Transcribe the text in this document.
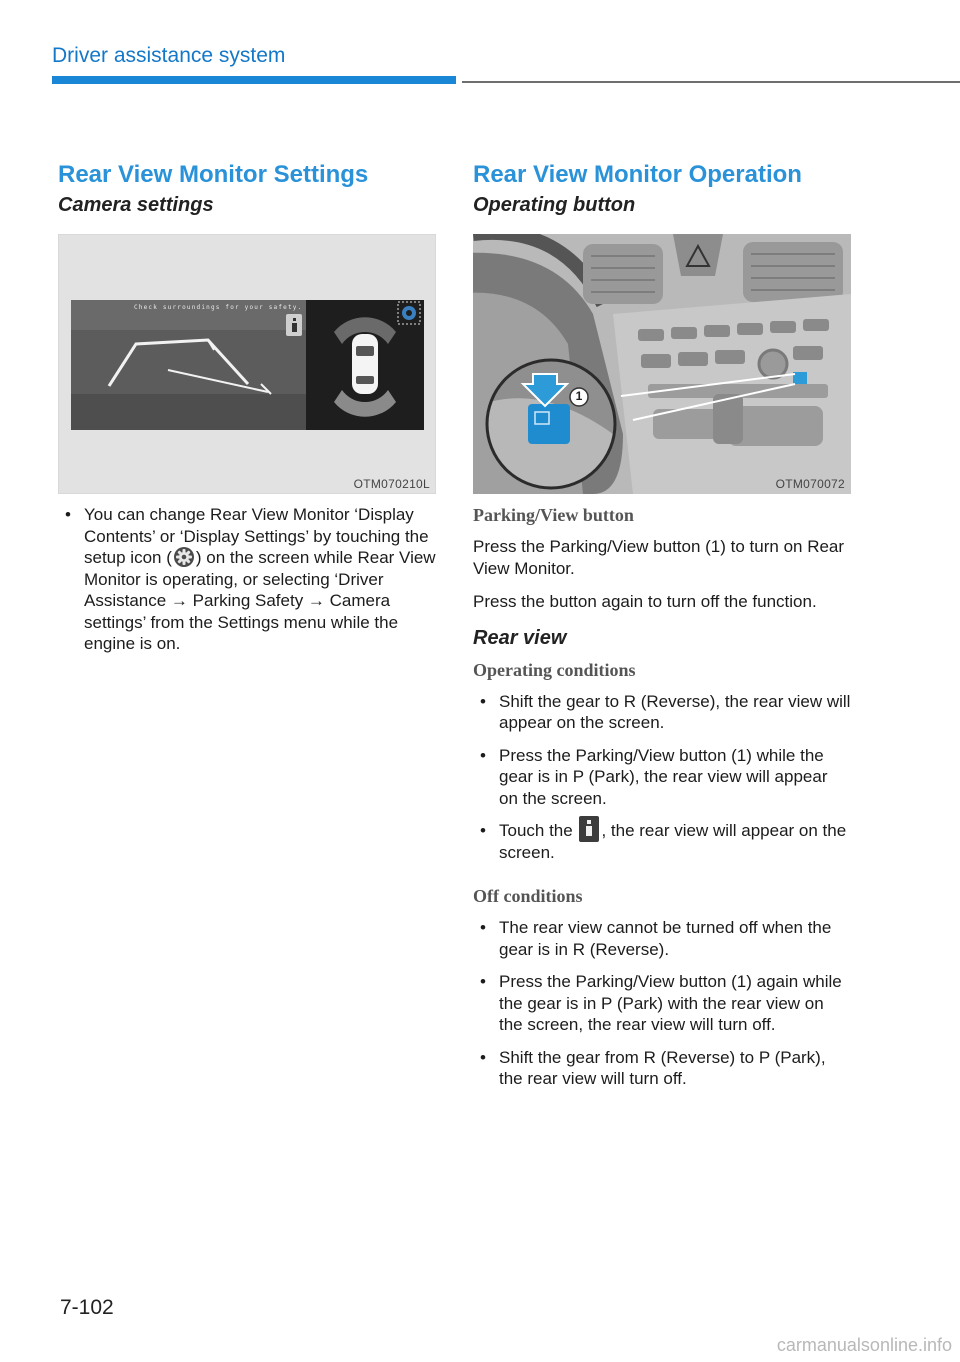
Driver assistance system
Rear View Monitor Settings
Camera settings
Check surroundings for your safety.
OTM070210L
• You can change Rear View Monitor ‘Display Contents’ or ‘Display Settings’ by touching the setup icon ( ) on the screen while Rear View Monitor is operating, or selecting ‘Driver Assistance → Parking Safety → Camera settings’ from the Settings menu while the engine is on.
Rear View Monitor Operation
Operating button
1
OTM070072
Parking/View button

Press the Parking/View button (1) to turn on Rear View Monitor.

Press the button again to turn off the function.

Rear view
Operating conditions
• Shift the gear to R (Reverse), the rear view will appear on the screen.
• Press the Parking/View button (1) while the gear is in P (Park), the rear view will appear on the screen.
• Touch the , the rear view will appear on the screen.
Off conditions
• The rear view cannot be turned off when the gear is in R (Reverse).
• Press the Parking/View button (1) again while the gear is in P (Park) with the rear view on the screen, the rear view will turn off.
• Shift the gear from R (Reverse) to P (Park), the rear view will turn off.
7-102
carmanualsonline.info
